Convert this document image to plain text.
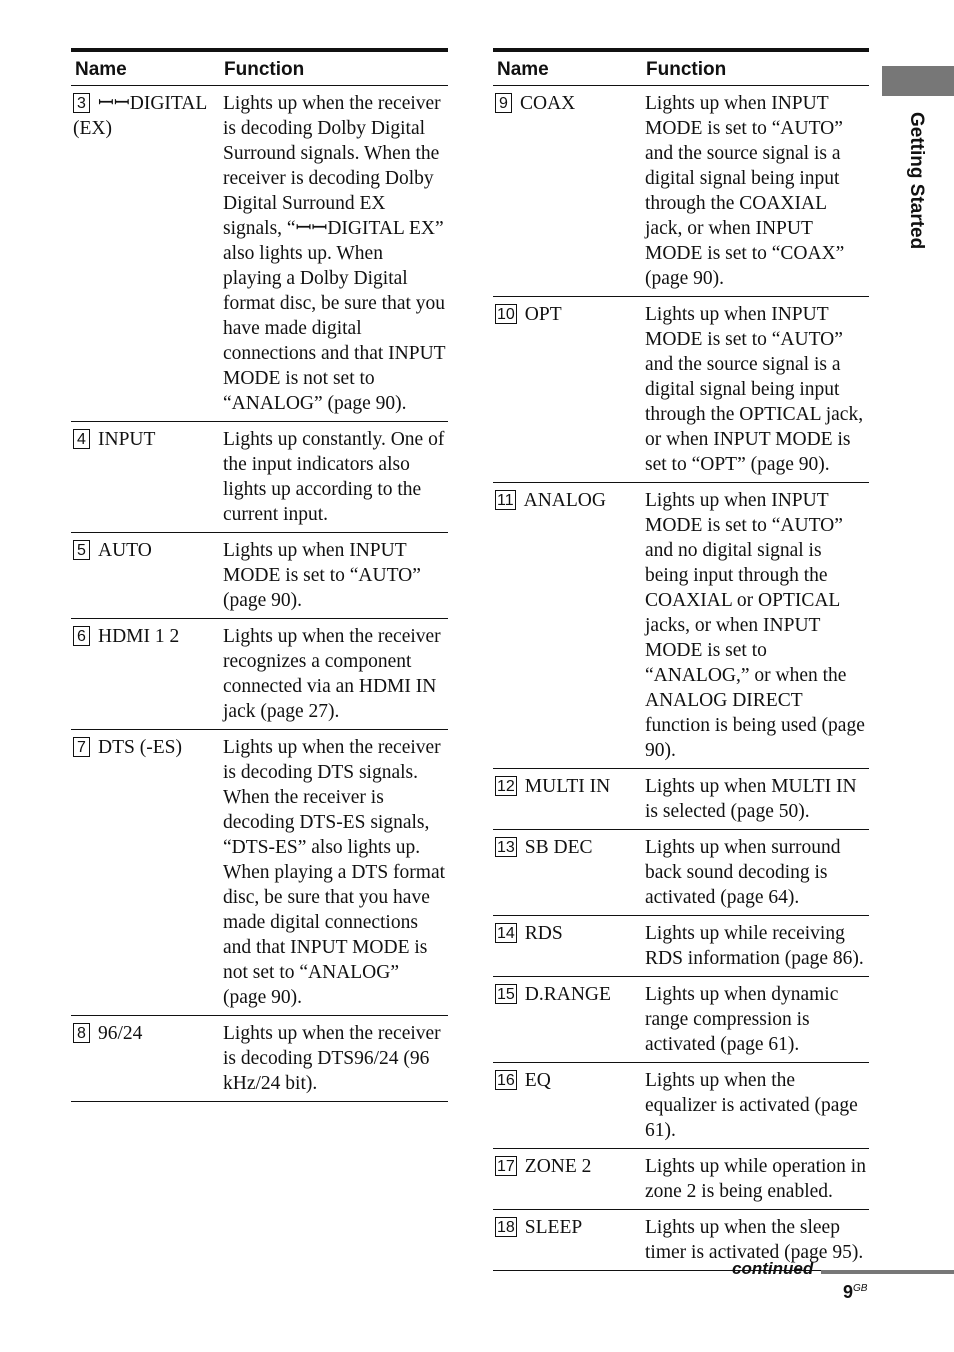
Getting Started
Name	Function
3 ꟷꟷDIGITAL (EX)	Lights up when the receiver is decoding Dolby Digital Surround signals. When the receiver is decoding Dolby Digital Surround EX signals, “ꟷꟷDIGITAL EX” also lights up. When playing a Dolby Digital format disc, be sure that you have made digital connections and that INPUT MODE is not set to “ANALOG” (page 90).
4 INPUT	Lights up constantly. One of the input indicators also lights up according to the current input.
5 AUTO	Lights up when INPUT MODE is set to “AUTO” (page 90).
6 HDMI 1 2	Lights up when the receiver recognizes a component connected via an HDMI IN jack (page 27).
7 DTS (-ES)	Lights up when the receiver is decoding DTS signals. When the receiver is decoding DTS-ES signals, “DTS-ES” also lights up. When playing a DTS format disc, be sure that you have made digital connections and that INPUT MODE is not set to “ANALOG” (page 90).
8 96/24	Lights up when the receiver is decoding DTS96/24 (96 kHz/24 bit).
Name	Function
9 COAX	Lights up when INPUT MODE is set to “AUTO” and the source signal is a digital signal being input through the COAXIAL jack, or when INPUT MODE is set to “COAX” (page 90).
10 OPT	Lights up when INPUT MODE is set to “AUTO” and the source signal is a digital signal being input through the OPTICAL jack, or when INPUT MODE is set to “OPT” (page 90).
11 ANALOG	Lights up when INPUT MODE is set to “AUTO” and no digital signal is being input through the COAXIAL or OPTICAL jacks, or when INPUT MODE is set to “ANALOG,” or when the ANALOG DIRECT function is being used (page 90).
12 MULTI IN	Lights up when MULTI IN is selected (page 50).
13 SB DEC	Lights up when surround back sound decoding is activated (page 64).
14 RDS	Lights up while receiving RDS information (page 86).
15 D.RANGE	Lights up when dynamic range compression is activated (page 61).
16 EQ	Lights up when the equalizer is activated (page 61).
17 ZONE 2	Lights up while operation in zone 2 is being enabled.
18 SLEEP	Lights up when the sleep timer is activated (page 95).
continued
$9^{GB}$
